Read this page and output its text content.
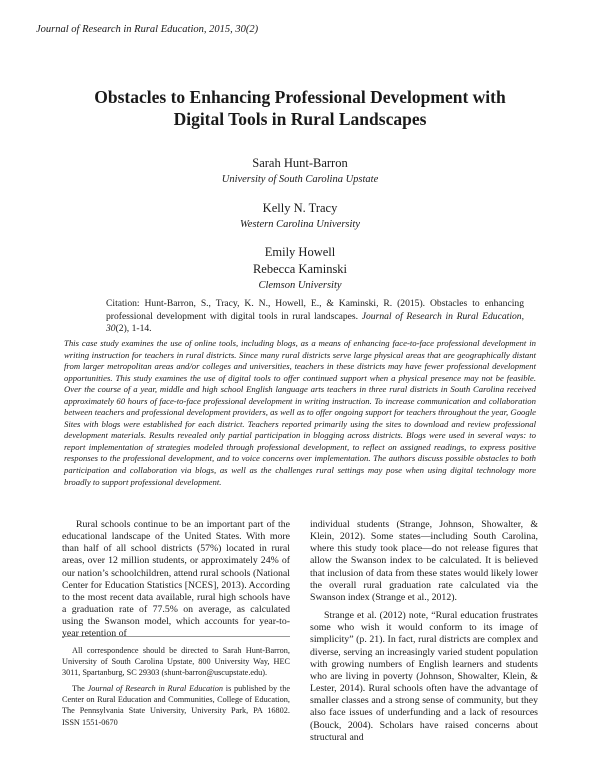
Journal of Research in Rural Education, 2015, 30(2)
Obstacles to Enhancing Professional Development with
Digital Tools in Rural Landscapes
Sarah Hunt-Barron
University of South Carolina Upstate
Kelly N. Tracy
Western Carolina University
Emily Howell
Rebecca Kaminski
Clemson University
Citation: Hunt-Barron, S., Tracy, K. N., Howell, E., & Kaminski, R. (2015). Obstacles to enhancing professional development with digital tools in rural landscapes. Journal of Research in Rural Education, 30(2), 1-14.
This case study examines the use of online tools, including blogs, as a means of enhancing face-to-face professional development in writing instruction for teachers in rural districts. Since many rural districts serve large physical areas that are geographically distant from larger metropolitan areas and/or colleges and universities, teachers in these districts may have fewer professional development opportunities. This study examines the use of digital tools to offer continued support when a physical presence may not be feasible. Over the course of a year, middle and high school English language arts teachers in three rural districts in South Carolina received approximately 60 hours of face-to-face professional development in writing instruction. To increase communication and collaboration between teachers and professional development providers, as well as to offer ongoing support for teachers throughout the year, Google Sites with blogs were established for each district. Teachers reported primarily using the sites to download and review professional development materials. Results revealed only partial participation in blogging across districts. Blogs were used in several ways: to report implementation of strategies modeled through professional development, to reflect on assigned readings, to express positive responses to the professional development, and to voice concerns over implementation. The authors discuss possible obstacles to both participation and collaboration via blogs, as well as the challenges rural settings may pose when using digital technology more broadly to support professional development.

Rural schools continue to be an important part of the educational landscape of the United States. With more than half of all school districts (57%) located in rural areas, over 12 million students, or approximately 24% of our nation’s schoolchildren, attend rural schools (National Center for Education Statistics [NCES], 2013). According to the most recent data available, rural high schools have a graduation rate of 77.5% on average, as calculated using the Swanson model, which accounts for year-to-year retention of

individual students (Strange, Johnson, Showalter, & Klein, 2012). Some states—including South Carolina, where this study took place—do not release figures that allow the Swanson index to be calculated. It is believed that inclusion of data from these states would likely lower the overall rural graduation rate calculated via the Swanson index (Strange et al., 2012).

Strange et al. (2012) note, “Rural education frustrates some who wish it would conform to its image of simplicity” (p. 21). In fact, rural districts are complex and diverse, serving an increasingly varied student population with growing numbers of English learners and students who are living in poverty (Johnson, Showalter, Klein, & Lester, 2014). Rural schools often have the advantage of smaller classes and a strong sense of community, but they also face issues of underfunding and a lack of resources (Bouck, 2004). Scholars have raised concerns about structural and

All correspondence should be directed to Sarah Hunt-Barron, University of South Carolina Upstate, 800 University Way, HEC 3011, Spartanburg, SC 29303 (shunt-barron@uscupstate.edu).

The Journal of Research in Rural Education is published by the Center on Rural Education and Communities, College of Education, The Pennsylvania State University, University Park, PA 16802. ISSN 1551-0670
